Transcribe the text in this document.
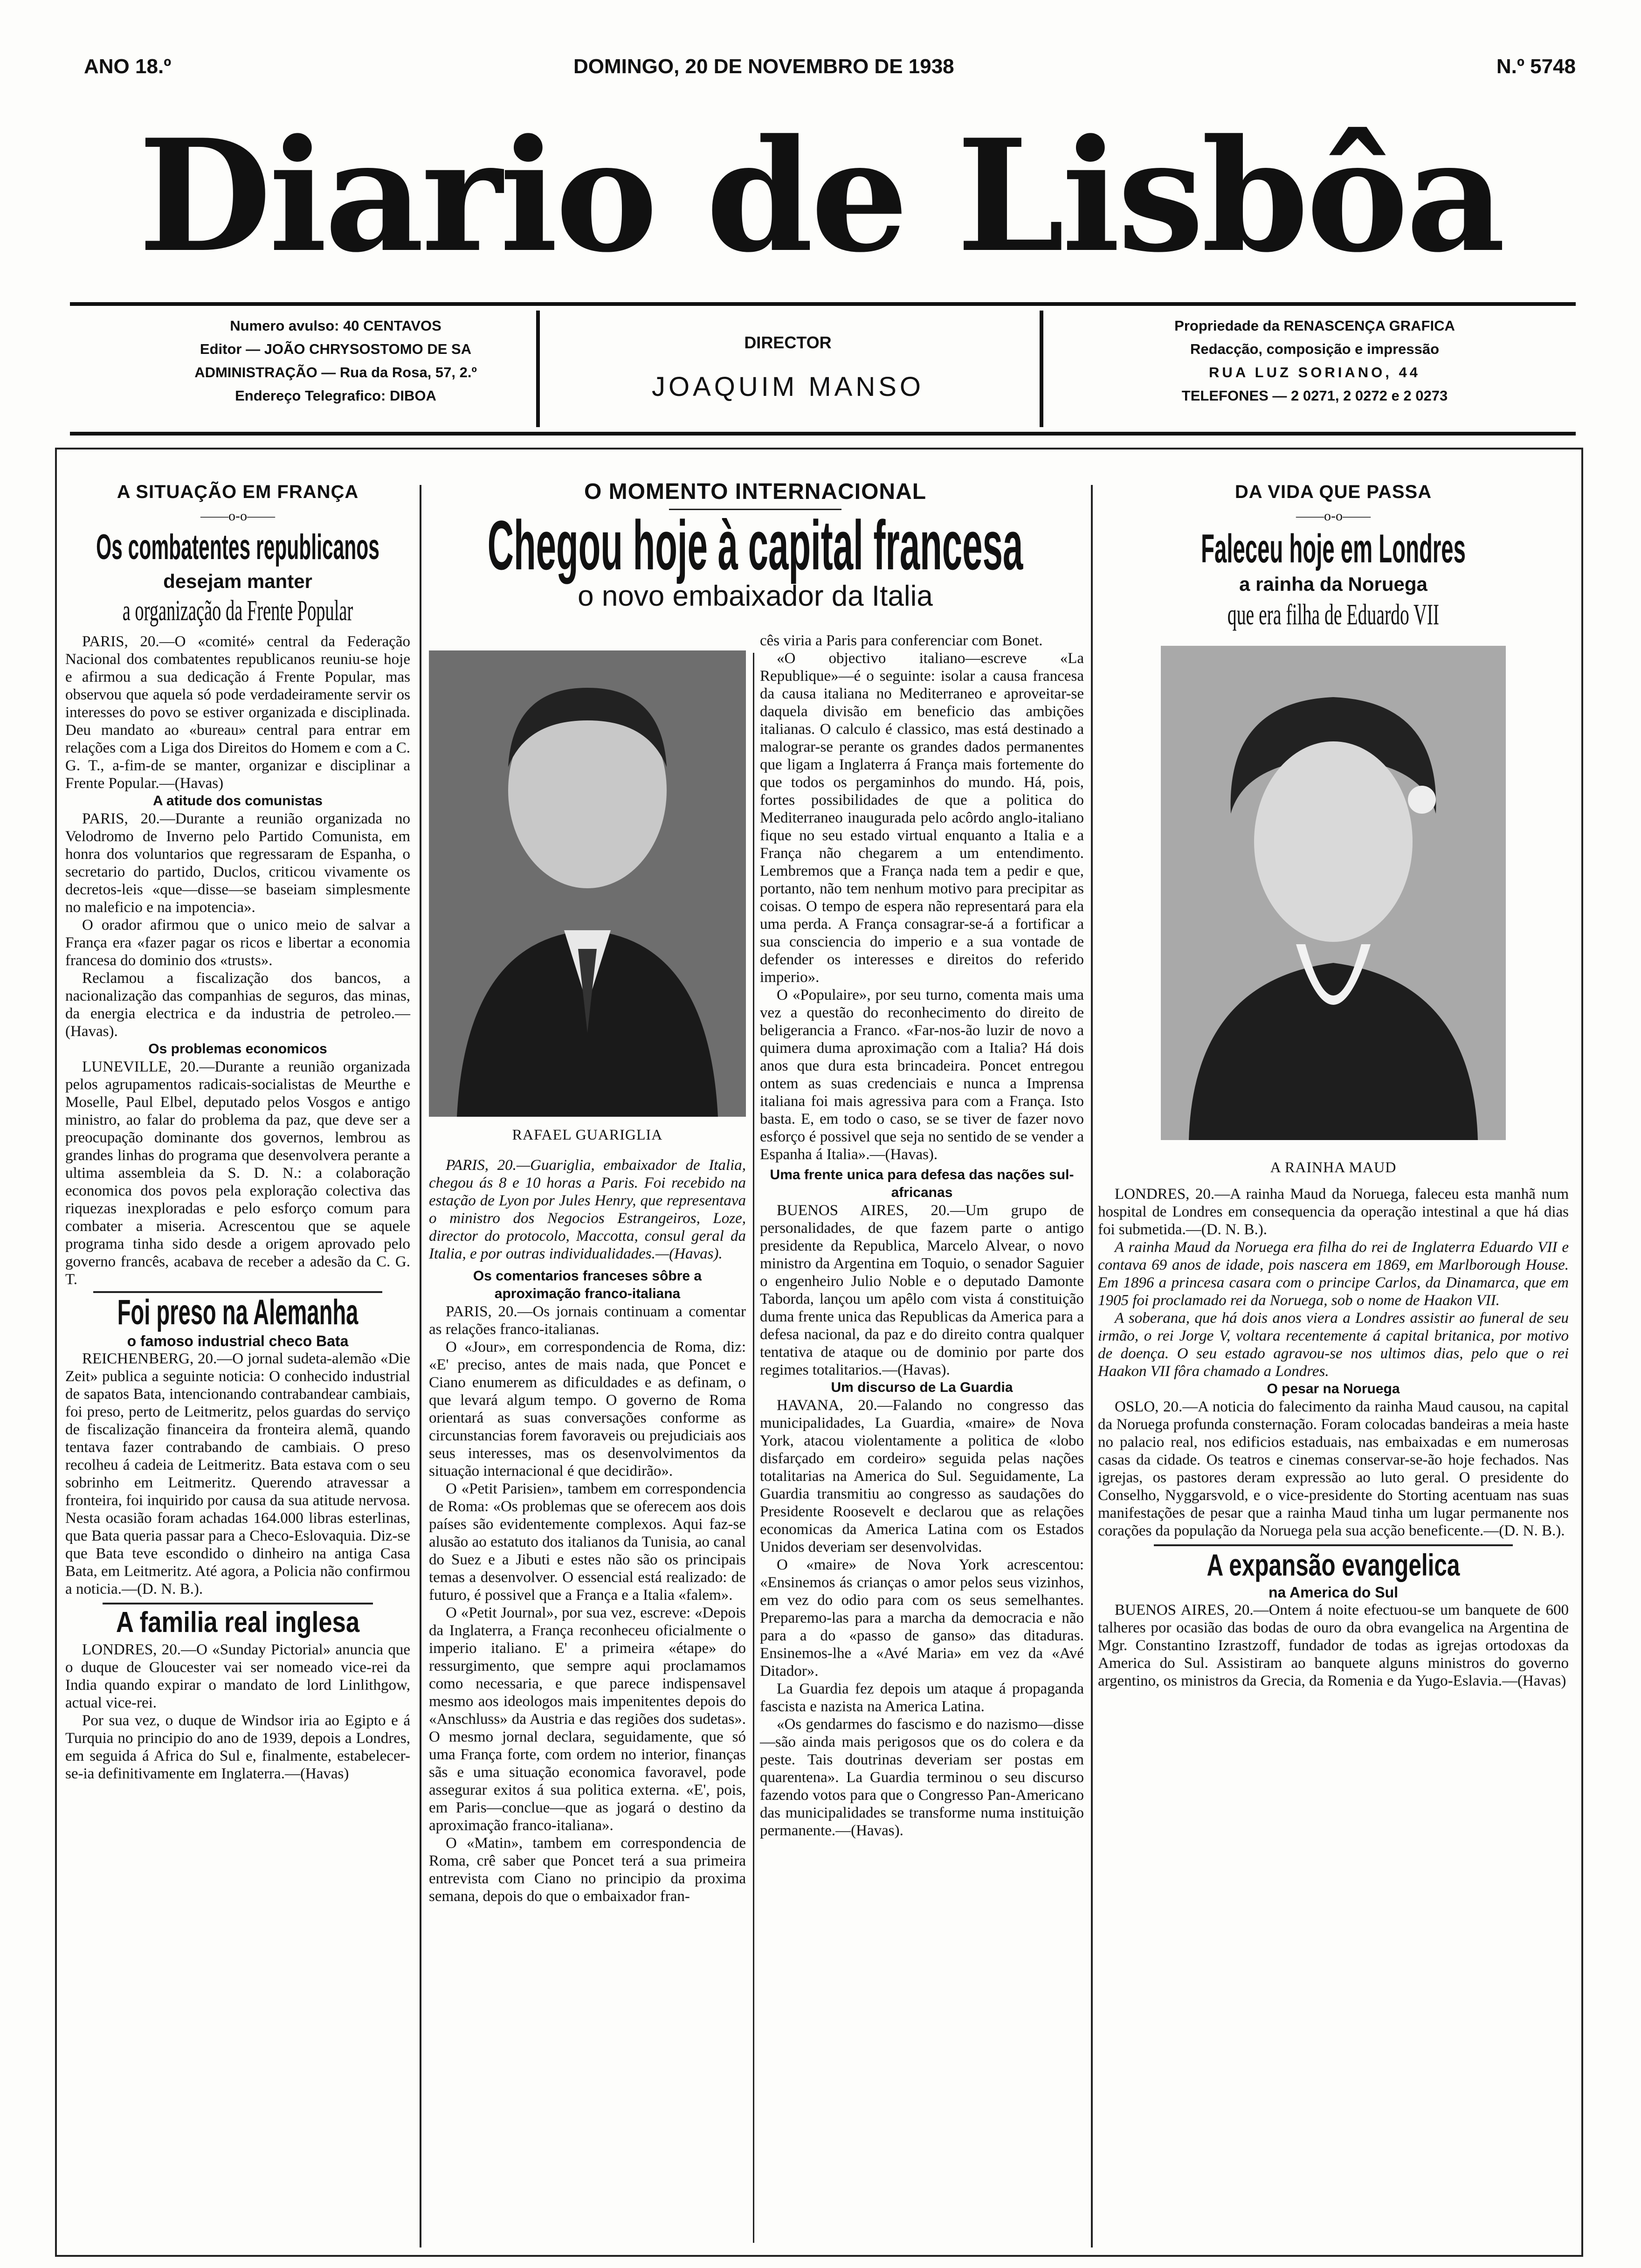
ANO 18.º	DOMINGO, 20 DE NOVEMBRO DE 1938	N.º 5748
Diario de Lisbôa
Numero avulso: 40 CENTAVOS
Editor — JOÃO CHRYSOSTOMO DE SA
ADMINISTRAÇÃO — Rua da Rosa, 57, 2.º
Endereço Telegrafico: DIBOA
DIRECTOR
JOAQUIM MANSO
Propriedade da RENASCENÇA GRAFICA
Redacção, composição e impressão
RUA LUZ SORIANO, 44
TELEFONES — 2 0271, 2 0272 e 2 0273
A SITUAÇÃO EM FRANÇA
——o-o——
Os combatentes republicanos
desejam manter
a organização da Frente Popular

PARIS, 20.—O «comité» central da Federação Nacional dos combatentes republicanos reuniu-se hoje e afirmou a sua dedicação á Frente Popular, mas observou que aquela só pode verdadeiramente servir os interesses do povo se estiver organizada e disciplinada. Deu mandato ao «bureau» central para entrar em relações com a Liga dos Direitos do Homem e com a C. G. T., a-fim-de se manter, organizar e disciplinar a Frente Popular.—(Havas)

A atitude dos comunistas

PARIS, 20.—Durante a reunião organizada no Velodromo de Inverno pelo Partido Comunista, em honra dos voluntarios que regressaram de Espanha, o secretario do partido, Duclos, criticou vivamente os decretos-leis «que—disse—se baseiam simplesmente no maleficio e na impotencia».

O orador afirmou que o unico meio de salvar a França era «fazer pagar os ricos e libertar a economia francesa do dominio dos «trusts».

Reclamou a fiscalização dos bancos, a nacionalização das companhias de seguros, das minas, da energia electrica e da industria de petroleo.—(Havas).

Os problemas economicos

LUNEVILLE, 20.—Durante a reunião organizada pelos agrupamentos radicais-socialistas de Meurthe e Moselle, Paul Elbel, deputado pelos Vosgos e antigo ministro, ao falar do problema da paz, que deve ser a preocupação dominante dos governos, lembrou as grandes linhas do programa que desenvolvera perante a ultima assembleia da S. D. N.: a colaboração economica dos povos pela exploração colectiva das riquezas inexploradas e pelo esforço comum para combater a miseria. Acrescentou que se aquele programa tinha sido desde a origem aprovado pelo governo francês, acabava de receber a adesão da C. G. T.

Foi preso na Alemanha
o famoso industrial checo Bata

REICHENBERG, 20.—O jornal sudeta-alemão «Die Zeit» publica a seguinte noticia: O conhecido industrial de sapatos Bata, intencionando contrabandear cambiais, foi preso, perto de Leitmeritz, pelos guardas do serviço de fiscalização financeira da fronteira alemã, quando tentava fazer contrabando de cambiais. O preso recolheu á cadeia de Leitmeritz. Bata estava com o seu sobrinho em Leitmeritz. Querendo atravessar a fronteira, foi inquirido por causa da sua atitude nervosa. Nesta ocasião foram achadas 164.000 libras esterlinas, que Bata queria passar para a Checo-Eslovaquia. Diz-se que Bata teve escondido o dinheiro na antiga Casa Bata, em Leitmeritz. Até agora, a Policia não confirmou a noticia.—(D. N. B.).

A familia real inglesa

LONDRES, 20.—O «Sunday Pictorial» anuncia que o duque de Gloucester vai ser nomeado vice-rei da India quando expirar o mandato de lord Linlithgow, actual vice-rei.

Por sua vez, o duque de Windsor iria ao Egipto e á Turquia no principio do ano de 1939, depois a Londres, em seguida á Africa do Sul e, finalmente, estabelecer-se-ia definitivamente em Inglaterra.—(Havas)

O MOMENTO INTERNACIONAL
Chegou hoje à capital francesa
o novo embaixador da Italia
RAFAEL GUARIGLIA

PARIS, 20.—Guariglia, embaixador de Italia, chegou ás 8 e 10 horas a Paris. Foi recebido na estação de Lyon por Jules Henry, que representava o ministro dos Negocios Estrangeiros, Loze, director do protocolo, Maccotta, consul geral da Italia, e por outras individualidades.—(Havas).

Os comentarios franceses sôbre a aproximação franco-italiana

PARIS, 20.—Os jornais continuam a comentar as relações franco-italianas.

O «Jour», em correspondencia de Roma, diz: «E' preciso, antes de mais nada, que Poncet e Ciano enumerem as dificuldades e as definam, o que levará algum tempo. O governo de Roma orientará as suas conversações conforme as circunstancias forem favoraveis ou prejudiciais aos seus interesses, mas os desenvolvimentos da situação internacional é que decidirão».

O «Petit Parisien», tambem em correspondencia de Roma: «Os problemas que se oferecem aos dois países são evidentemente complexos. Aqui faz-se alusão ao estatuto dos italianos da Tunisia, ao canal do Suez e a Jibuti e estes não são os principais temas a desenvolver. O essencial está realizado: de futuro, é possivel que a França e a Italia «falem».

O «Petit Journal», por sua vez, escreve: «Depois da Inglaterra, a França reconheceu oficialmente o imperio italiano. E' a primeira «étape» do ressurgimento, que sempre aqui proclamamos como necessaria, e que parece indispensavel mesmo aos ideologos mais impenitentes depois do «Anschluss» da Austria e das regiões dos sudetas». O mesmo jornal declara, seguidamente, que só uma França forte, com ordem no interior, finanças sãs e uma situação economica favoravel, pode assegurar exitos á sua politica externa. «E', pois, em Paris—conclue—que as jogará o destino da aproximação franco-italiana».

O «Matin», tambem em correspondencia de Roma, crê saber que Poncet terá a sua primeira entrevista com Ciano no principio da proxima semana, depois do que o embaixador fran-

cês viria a Paris para conferenciar com Bonet.

«O objectivo italiano—escreve «La Republique»—é o seguinte: isolar a causa francesa da causa italiana no Mediterraneo e aproveitar-se daquela divisão em beneficio das ambições italianas. O calculo é classico, mas está destinado a malograr-se perante os grandes dados permanentes que ligam a Inglaterra á França mais fortemente do que todos os pergaminhos do mundo. Há, pois, fortes possibilidades de que a politica do Mediterraneo inaugurada pelo acôrdo anglo-italiano fique no seu estado virtual enquanto a Italia e a França não chegarem a um entendimento. Lembremos que a França nada tem a pedir e que, portanto, não tem nenhum motivo para precipitar as coisas. O tempo de espera não representará para ela uma perda. A França consagrar-se-á a fortificar a sua consciencia do imperio e a sua vontade de defender os interesses e direitos do referido imperio».

O «Populaire», por seu turno, comenta mais uma vez a questão do reconhecimento do direito de beligerancia a Franco. «Far-nos-ão luzir de novo a quimera duma aproximação com a Italia? Há dois anos que dura esta brincadeira. Poncet entregou ontem as suas credenciais e nunca a Imprensa italiana foi mais agressiva para com a França. Isto basta. E, em todo o caso, se se tiver de fazer novo esforço é possivel que seja no sentido de se vender a Espanha á Italia».—(Havas).

Uma frente unica para defesa das nações sul-africanas

BUENOS AIRES, 20.—Um grupo de personalidades, de que fazem parte o antigo presidente da Republica, Marcelo Alvear, o novo ministro da Argentina em Toquio, o senador Saguier o engenheiro Julio Noble e o deputado Damonte Taborda, lançou um apêlo com vista á constituição duma frente unica das Republicas da America para a defesa nacional, da paz e do direito contra qualquer tentativa de ataque ou de dominio por parte dos regimes totalitarios.—(Havas).

Um discurso de La Guardia

HAVANA, 20.—Falando no congresso das municipalidades, La Guardia, «maire» de Nova York, atacou violentamente a politica de «lobo disfarçado em cordeiro» seguida pelas nações totalitarias na America do Sul. Seguidamente, La Guardia transmitiu ao congresso as saudações do Presidente Roosevelt e declarou que as relações economicas da America Latina com os Estados Unidos deveriam ser desenvolvidas.

O «maire» de Nova York acrescentou: «Ensinemos ás crianças o amor pelos seus vizinhos, em vez do odio para com os seus semelhantes. Preparemo-las para a marcha da democracia e não para a do «passo de ganso» das ditaduras. Ensinemos-lhe a «Avé Maria» em vez da «Avé Ditador».

La Guardia fez depois um ataque á propaganda fascista e nazista na America Latina.

«Os gendarmes do fascismo e do nazismo—disse—são ainda mais perigosos que os do colera e da peste. Tais doutrinas deveriam ser postas em quarentena». La Guardia terminou o seu discurso fazendo votos para que o Congresso Pan-Americano das municipalidades se transforme numa instituição permanente.—(Havas).

DA VIDA QUE PASSA
——o-o——
Faleceu hoje em Londres
a rainha da Noruega
que era filha de Eduardo VII
A RAINHA MAUD

LONDRES, 20.—A rainha Maud da Noruega, faleceu esta manhã num hospital de Londres em consequencia da operação intestinal a que há dias foi submetida.—(D. N. B.).

A rainha Maud da Noruega era filha do rei de Inglaterra Eduardo VII e contava 69 anos de idade, pois nascera em 1869, em Marlborough House. Em 1896 a princesa casara com o principe Carlos, da Dinamarca, que em 1905 foi proclamado rei da Noruega, sob o nome de Haakon VII.

A soberana, que há dois anos viera a Londres assistir ao funeral de seu irmão, o rei Jorge V, voltara recentemente á capital britanica, por motivo de doença. O seu estado agravou-se nos ultimos dias, pelo que o rei Haakon VII fôra chamado a Londres.

O pesar na Noruega

OSLO, 20.—A noticia do falecimento da rainha Maud causou, na capital da Noruega profunda consternação. Foram colocadas bandeiras a meia haste no palacio real, nos edificios estaduais, nas embaixadas e em numerosas casas da cidade. Os teatros e cinemas conservar-se-ão hoje fechados. Nas igrejas, os pastores deram expressão ao luto geral. O presidente do Conselho, Nyggarsvold, e o vice-presidente do Storting acentuam nas suas manifestações de pesar que a rainha Maud tinha um lugar permanente nos corações da população da Noruega pela sua acção beneficente.—(D. N. B.).

A expansão evangelica
na America do Sul

BUENOS AIRES, 20.—Ontem á noite efectuou-se um banquete de 600 talheres por ocasião das bodas de ouro da obra evangelica na Argentina de Mgr. Constantino Izrastzoff, fundador de todas as igrejas ortodoxas da America do Sul. Assistiram ao banquete alguns ministros do governo argentino, os ministros da Grecia, da Romenia e da Yugo-Eslavia.—(Havas)
